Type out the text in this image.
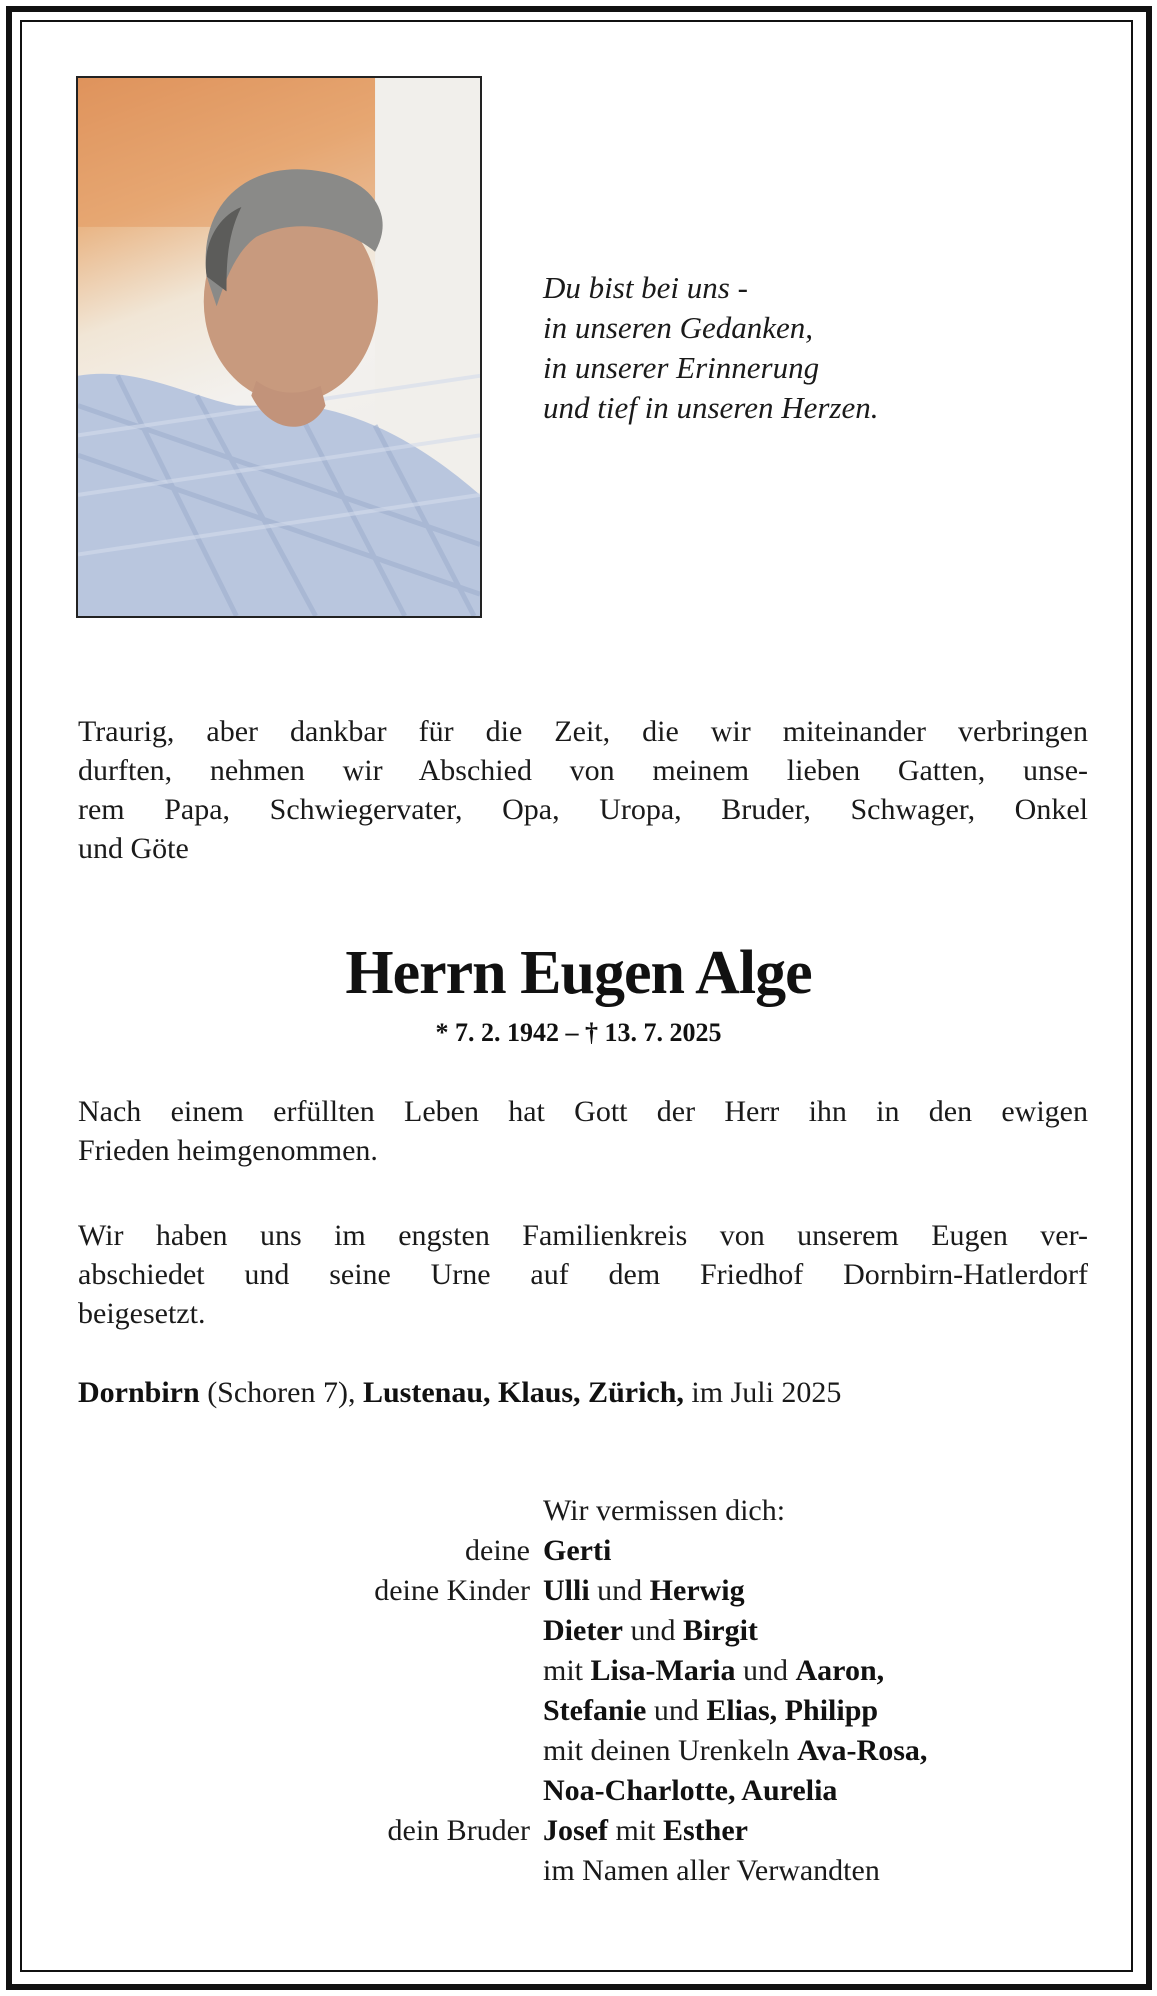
Du bist bei uns -
in unseren Gedanken,
in unserer Erinnerung
und tief in unseren Herzen.
Traurig, aber dankbar für die Zeit, die wir miteinander verbringen
durften, nehmen wir Abschied von meinem lieben Gatten, unse-
rem Papa, Schwiegervater, Opa, Uropa, Bruder, Schwager, Onkel
und Göte
Herrn Eugen Alge
* 7. 2. 1942 – † 13. 7. 2025
Nach einem erfüllten Leben hat Gott der Herr ihn in den ewigen
Frieden heimgenommen.
Wir haben uns im engsten Familienkreis von unserem Eugen ver-
abschiedet und seine Urne auf dem Friedhof Dornbirn-Hatlerdorf
beigesetzt.
Dornbirn (Schoren 7), Lustenau, Klaus, Zürich, im Juli 2025
Wir vermissen dich:
deine Gerti
deine Kinder Ulli und Herwig
Dieter und Birgit
mit Lisa-Maria und Aaron,
Stefanie und Elias, Philipp
mit deinen Urenkeln Ava-Rosa,
Noa-Charlotte, Aurelia
dein Bruder Josef mit Esther
im Namen aller Verwandten
